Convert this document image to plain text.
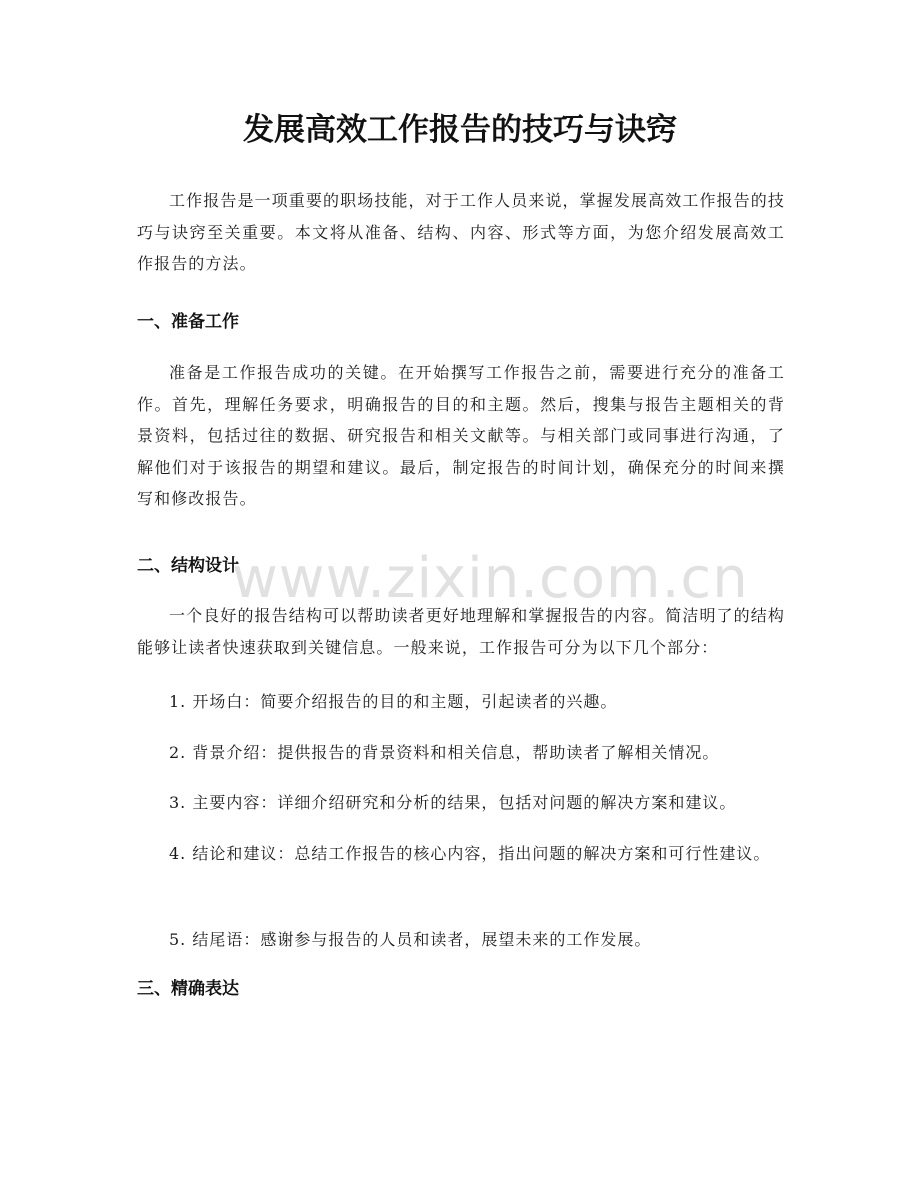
发展高效工作报告的技巧与诀窍

工作报告是一项重要的职场技能，对于工作人员来说，掌握发展高效工作报告的技巧与诀窍至关重要。本文将从准备、结构、内容、形式等方面，为您介绍发展高效工作报告的方法。

一、准备工作

准备是工作报告成功的关键。在开始撰写工作报告之前，需要进行充分的准备工作。首先，理解任务要求，明确报告的目的和主题。然后，搜集与报告主题相关的背景资料，包括过往的数据、研究报告和相关文献等。与相关部门或同事进行沟通，了解他们对于该报告的期望和建议。最后，制定报告的时间计划，确保充分的时间来撰写和修改报告。

二、结构设计

一个良好的报告结构可以帮助读者更好地理解和掌握报告的内容。简洁明了的结构能够让读者快速获取到关键信息。一般来说，工作报告可分为以下几个部分：

1. 开场白：简要介绍报告的目的和主题，引起读者的兴趣。

2. 背景介绍：提供报告的背景资料和相关信息，帮助读者了解相关情况。

3. 主要内容：详细介绍研究和分析的结果，包括对问题的解决方案和建议。

4. 结论和建议：总结工作报告的核心内容，指出问题的解决方案和可行性建议。

5. 结尾语：感谢参与报告的人员和读者，展望未来的工作发展。

三、精确表达
www.zixin.com.cn
